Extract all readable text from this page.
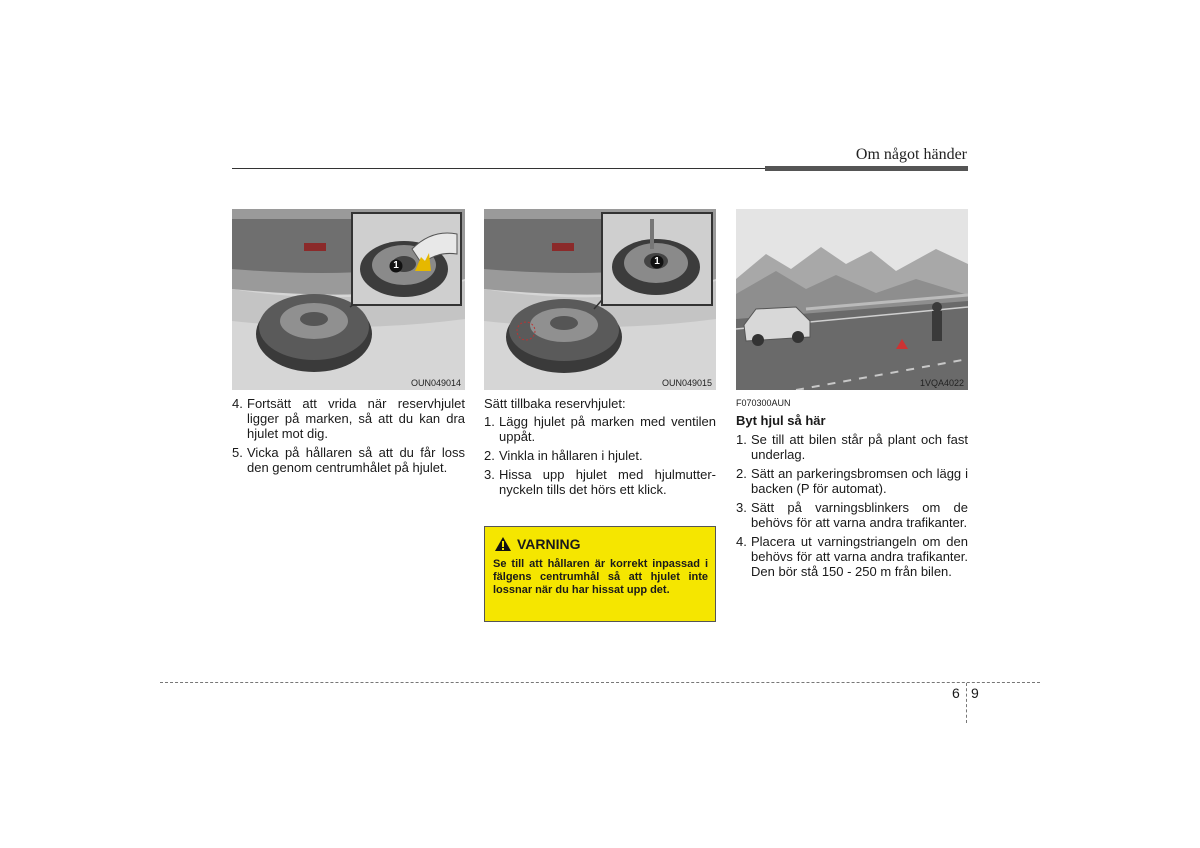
Om något händer
1
OUN049014
1
OUN049015	1VQA4022
4. Fortsätt att vrida när reservhjulet ligger på marken, så att du kan dra hjulet mot dig.
5. Vicka på hållaren så att du får loss den genom centrumhålet på hjulet.

Sätt tillbaka reservhjulet:

1. Lägg hjulet på marken med ventilen uppåt.
2. Vinkla in hållaren i hjulet.
3. Hissa upp hjulet med hjulmutter-nyckeln tills det hörs ett klick.
VARNING
Se till att hållaren är korrekt inpassad i fälgens centrumhål så att hjulet inte lossnar när du har hissat upp det.

F070300AUN

Byt hjul så här

1. Se till att bilen står på plant och fast underlag.
2. Sätt an parkeringsbromsen och lägg i backen (P för automat).
3. Sätt på varningsblinkers om de behövs för att varna andra trafikanter.
4. Placera ut varningstriangeln om den behövs för att varna andra trafikanter. Den bör stå 150 - 250 m från bilen.
6 9
